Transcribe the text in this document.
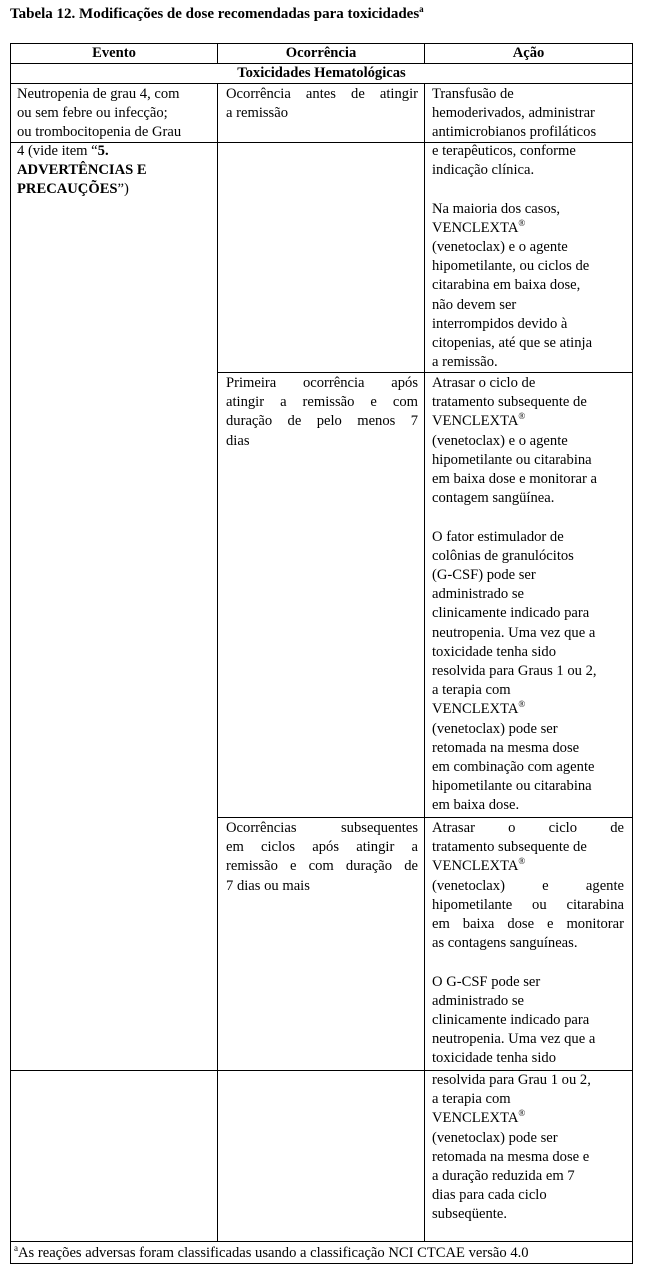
Tabela 12. Modificações de dose recomendadas para toxicidades$^a$
Evento	Ocorrência	Ação
Toxicidades Hematológicas
Neutropenia de grau 4, com
ou sem febre ou infecção;
ou trombocitopenia de Grau
4 (vide item “5.
ADVERTÊNCIAS E
PRECAUÇÕES”)
Ocorrência antes de atingir
a remissão
Primeira ocorrência após
atingir a remissão e com
duração de pelo menos 7
dias
Ocorrências subsequentes
em ciclos após atingir a
remissão e com duração de
7 dias ou mais
Transfusão de
hemoderivados, administrar
antimicrobianos profiláticos
e terapêuticos, conforme
indicação clínica.
Na maioria dos casos,
VENCLEXTA®
(venetoclax) e o agente
hipometilante, ou ciclos de
citarabina em baixa dose,
não devem ser
interrompidos devido à
citopenias, até que se atinja
a remissão.
Atrasar o ciclo de
tratamento subsequente de
VENCLEXTA®
(venetoclax) e o agente
hipometilante ou citarabina
em baixa dose e monitorar a
contagem sangüínea.
O fator estimulador de
colônias de granulócitos
(G-CSF) pode ser
administrado se
clinicamente indicado para
neutropenia. Uma vez que a
toxicidade tenha sido
resolvida para Graus 1 ou 2,
a terapia com
VENCLEXTA®
(venetoclax) pode ser
retomada na mesma dose
em combinação com agente
hipometilante ou citarabina
em baixa dose.
Atrasar o ciclo de
tratamento subsequente de
VENCLEXTA®
(venetoclax) e agente
hipometilante ou citarabina
em baixa dose e monitorar
as contagens sanguíneas.
O G-CSF pode ser
administrado se
clinicamente indicado para
neutropenia. Uma vez que a
toxicidade tenha sido
resolvida para Grau 1 ou 2,
a terapia com
VENCLEXTA®
(venetoclax) pode ser
retomada na mesma dose e
a duração reduzida em 7
dias para cada ciclo
subseqüente.
$^a$As reações adversas foram classificadas usando a classificação NCI CTCAE versão 4.0
